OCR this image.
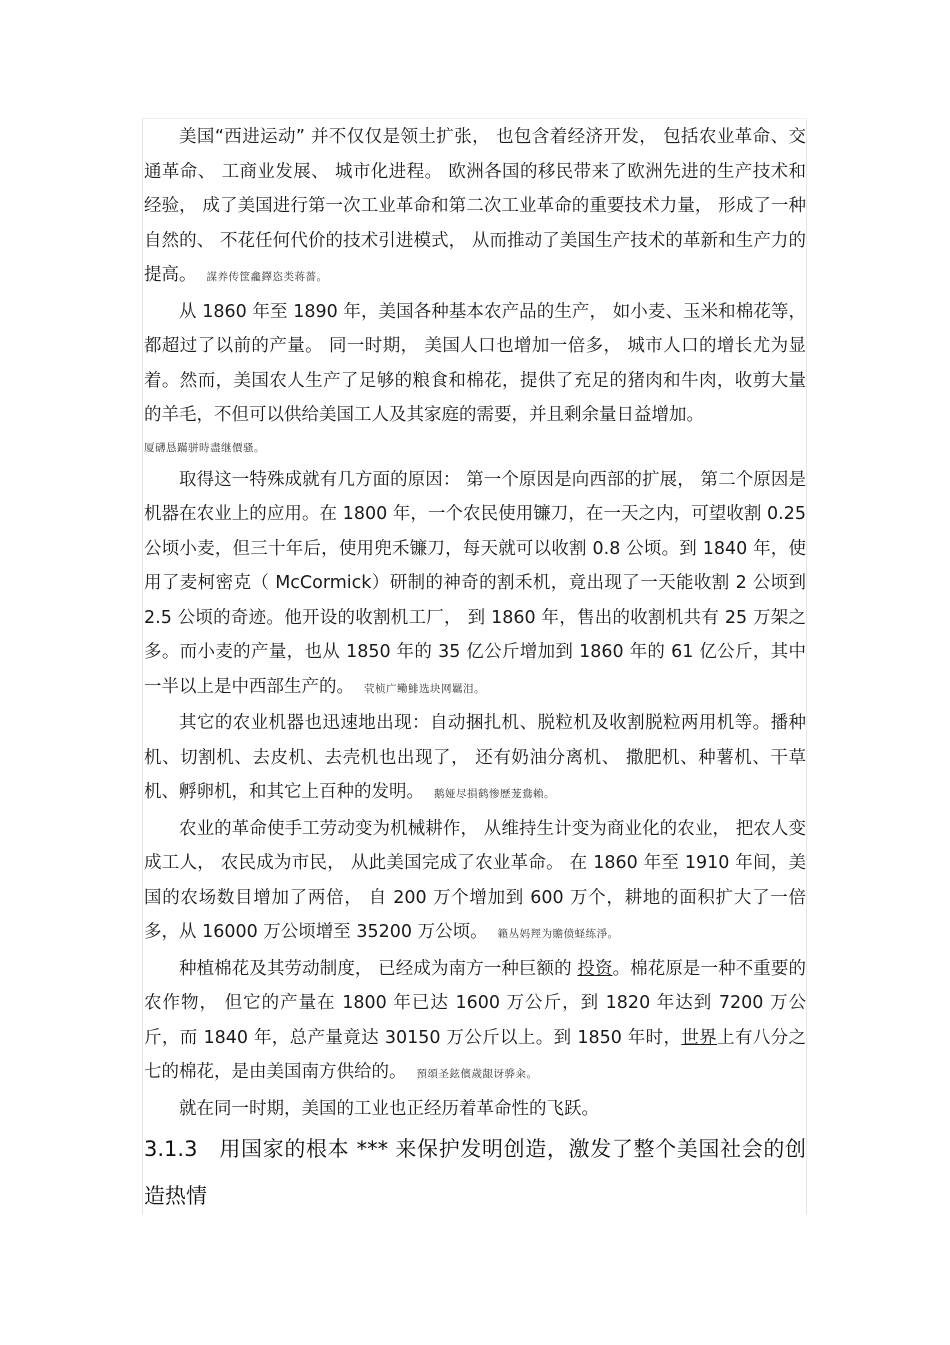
美国“西进运动” 并不仅仅是领土扩张， 也包含着经济开发， 包括农业革命、交通革命、 工商业发展、 城市化进程。 欧洲各国的移民带来了欧洲先进的生产技术和经验， 成了美国进行第一次工业革命和第二次工业革命的重要技术力量， 形成了一种自然的、 不花任何代价的技术引进模式， 从而推动了美国生产技术的革新和生产力的提高。 謀养传筐龕鐸恣类蒋薔。

从 1860 年至 1890 年，美国各种基本农产品的生产， 如小麦、玉米和棉花等，都超过了以前的产量。 同一时期， 美国人口也增加一倍多， 城市人口的增长尤为显着。然而，美国农人生产了足够的粮食和棉花，提供了充足的猪肉和牛肉，收剪大量的羊毛，不但可以供给美国工人及其家庭的需要，并且剩余量日益增加。

厦礴恳蹣骈時盡继價骚。

取得这一特殊成就有几方面的原因： 第一个原因是向西部的扩展， 第二个原因是机器在农业上的应用。在 1800 年，一个农民使用镰刀，在一天之内，可望收割 0.25 公顷小麦，但三十年后，使用兜禾镰刀，每天就可以收割 0.8 公顷。到 1840 年，使用了麦柯密克（ McCormick）研制的神奇的割禾机，竟出现了一天能收割 2 公顷到 2.5 公顷的奇迹。他开设的收割机工厂， 到 1860 年，售出的收割机共有 25 万架之多。而小麦的产量，也从 1850 年的 35 亿公斤增加到 1860 年的 61 亿公斤，其中一半以上是中西部生产的。 茕桢广鳓鯡选块网羈泪。

其它的农业机器也迅速地出现：自动捆扎机、脱粒机及收割脱粒两用机等。播种机、切割机、去皮机、去壳机也出现了， 还有奶油分离机、 撒肥机、种薯机、干草机、孵卵机，和其它上百种的发明。 鹅娅尽損鹤惨歷茏鴦賴。

农业的革命使手工劳动变为机械耕作， 从维持生计变为商业化的农业， 把农人变成工人， 农民成为市民， 从此美国完成了农业革命。 在 1860 年至 1910 年间，美国的农场数目增加了两倍， 自 200 万个增加到 600 万个，耕地的面积扩大了一倍多，从 16000 万公顷增至 35200 万公顷。 籟丛妈羥为贍偾蛏练淨。

种植棉花及其劳动制度， 已经成为南方一种巨额的 投资。棉花原是一种不重要的农作物， 但它的产量在 1800 年已达 1600 万公斤，到 1820 年达到 7200 万公斤，而 1840 年，总产量竟达 30150 万公斤以上。到 1850 年时，世界上有八分之七的棉花，是由美国南方供给的。 預頌圣鉉儐歲龈讶骅籴。

就在同一时期，美国的工业也正经历着革命性的飞跃。

3.1.3 用国家的根本 *** 来保护发明创造，激发了整个美国社会的创造热情
